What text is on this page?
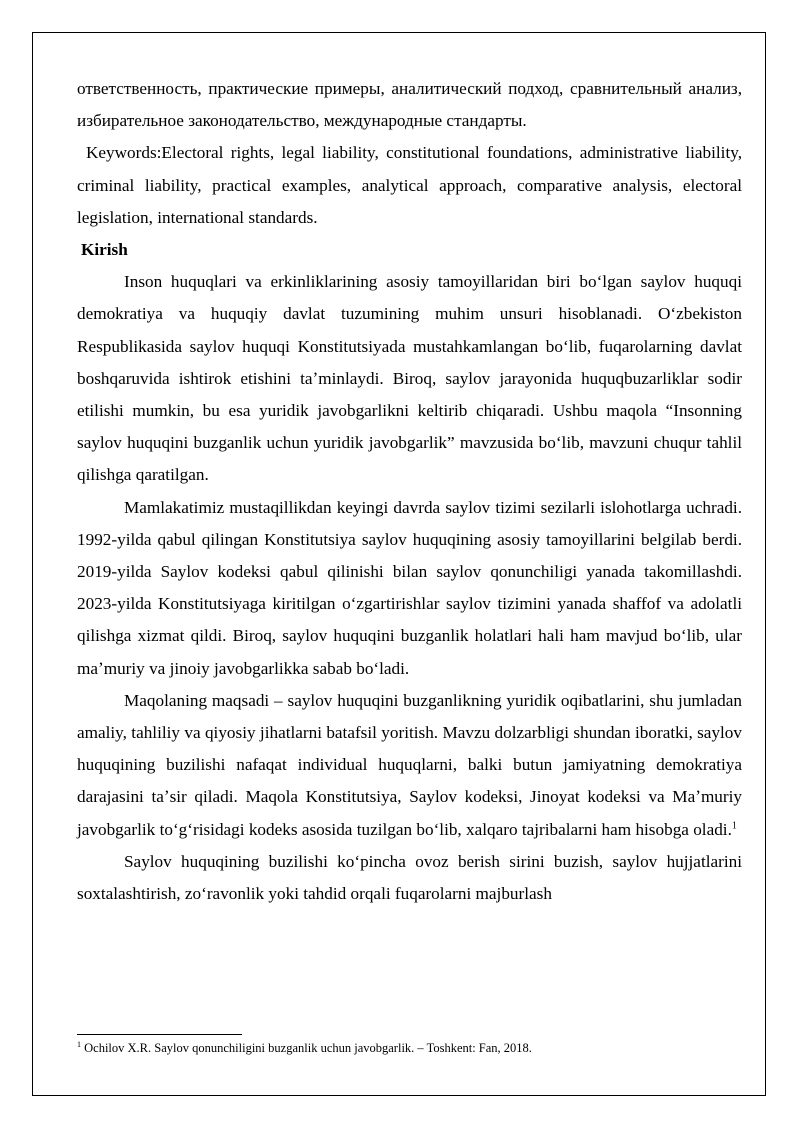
ответственность, практические примеры, аналитический подход, сравнительный анализ, избирательное законодательство, международные стандарты.

Keywords:Electoral rights, legal liability, constitutional foundations, administrative liability, criminal liability, practical examples, analytical approach, comparative analysis, electoral legislation, international standards.

Kirish

Inson huquqlari va erkinliklarining asosiy tamoyillaridan biri boʻlgan saylov huquqi demokratiya va huquqiy davlat tuzumining muhim unsuri hisoblanadi. Oʻzbekiston Respublikasida saylov huquqi Konstitutsiyada mustahkamlangan boʻlib, fuqarolarning davlat boshqaruvida ishtirok etishini taʼminlaydi. Biroq, saylov jarayonida huquqbuzarliklar sodir etilishi mumkin, bu esa yuridik javobgarlikni keltirib chiqaradi. Ushbu maqola “Insonning saylov huquqini buzganlik uchun yuridik javobgarlik” mavzusida boʻlib, mavzuni chuqur tahlil qilishga qaratilgan.

Mamlakatimiz mustaqillikdan keyingi davrda saylov tizimi sezilarli islohotlarga uchradi. 1992-yilda qabul qilingan Konstitutsiya saylov huquqining asosiy tamoyillarini belgilab berdi. 2019-yilda Saylov kodeksi qabul qilinishi bilan saylov qonunchiligi yanada takomillashdi. 2023-yilda Konstitutsiyaga kiritilgan oʻzgartirishlar saylov tizimini yanada shaffof va adolatli qilishga xizmat qildi. Biroq, saylov huquqini buzganlik holatlari hali ham mavjud boʻlib, ular maʼmuriy va jinoiy javobgarlikka sabab boʻladi.

Maqolaning maqsadi – saylov huquqini buzganlikning yuridik oqibatlarini, shu jumladan amaliy, tahliliy va qiyosiy jihatlarni batafsil yoritish. Mavzu dolzarbligi shundan iboratki, saylov huquqining buzilishi nafaqat individual huquqlarni, balki butun jamiyatning demokratiya darajasini taʼsir qiladi. Maqola Konstitutsiya, Saylov kodeksi, Jinoyat kodeksi va Maʼmuriy javobgarlik toʻgʻrisidagi kodeks asosida tuzilgan boʻlib, xalqaro tajribalarni ham hisobga oladi.$^1$

Saylov huquqining buzilishi koʻpincha ovoz berish sirini buzish, saylov hujjatlarini soxtalashtirish, zoʻravonlik yoki tahdid orqali fuqarolarni majburlash

$^1$ Ochilov X.R. Saylov qonunchiligini buzganlik uchun javobgarlik. – Toshkent: Fan, 2018.
